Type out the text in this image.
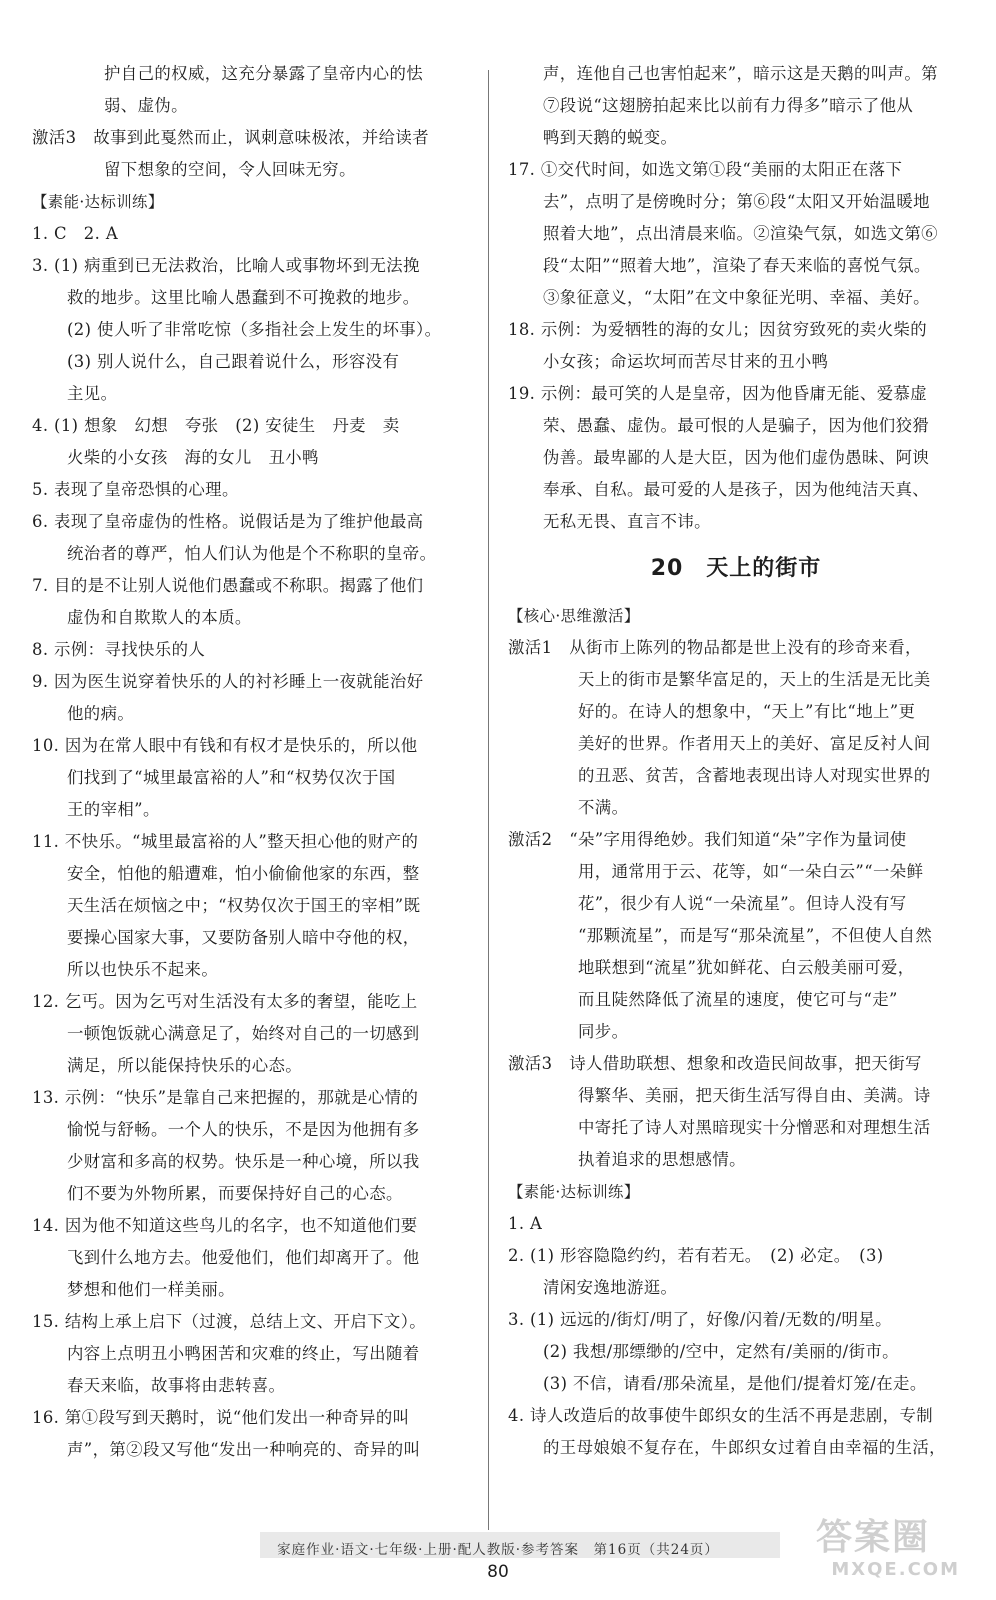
护自己的权威，这充分暴露了皇帝内心的怯
弱、虚伪。
激活3　故事到此戛然而止，讽刺意味极浓，并给读者
留下想象的空间，令人回味无穷。
【素能·达标训练】
1. C　2. A
3. (1) 病重到已无法救治，比喻人或事物坏到无法挽
救的地步。这里比喻人愚蠢到不可挽救的地步。
(2) 使人听了非常吃惊（多指社会上发生的坏事）。
(3) 别人说什么，自己跟着说什么，形容没有
主见。
4. (1) 想象　幻想　夸张　(2) 安徒生　丹麦　卖
火柴的小女孩　海的女儿　丑小鸭
5. 表现了皇帝恐惧的心理。
6. 表现了皇帝虚伪的性格。说假话是为了维护他最高
统治者的尊严，怕人们认为他是个不称职的皇帝。
7. 目的是不让别人说他们愚蠢或不称职。揭露了他们
虚伪和自欺欺人的本质。
8. 示例：寻找快乐的人
9. 因为医生说穿着快乐的人的衬衫睡上一夜就能治好
他的病。
10. 因为在常人眼中有钱和有权才是快乐的，所以他
们找到了“城里最富裕的人”和“权势仅次于国
王的宰相”。
11. 不快乐。“城里最富裕的人”整天担心他的财产的
安全，怕他的船遭难，怕小偷偷他家的东西，整
天生活在烦恼之中；“权势仅次于国王的宰相”既
要操心国家大事，又要防备别人暗中夺他的权，
所以也快乐不起来。
12. 乞丐。因为乞丐对生活没有太多的奢望，能吃上
一顿饱饭就心满意足了，始终对自己的一切感到
满足，所以能保持快乐的心态。
13. 示例：“快乐”是靠自己来把握的，那就是心情的
愉悦与舒畅。一个人的快乐，不是因为他拥有多
少财富和多高的权势。快乐是一种心境，所以我
们不要为外物所累，而要保持好自己的心态。
14. 因为他不知道这些鸟儿的名字，也不知道他们要
飞到什么地方去。他爱他们，他们却离开了。他
梦想和他们一样美丽。
15. 结构上承上启下（过渡，总结上文、开启下文）。
内容上点明丑小鸭困苦和灾难的终止，写出随着
春天来临，故事将由悲转喜。
16. 第①段写到天鹅时，说“他们发出一种奇异的叫
声”，第②段又写他“发出一种响亮的、奇异的叫
声，连他自己也害怕起来”，暗示这是天鹅的叫声。第
⑦段说“这翅膀拍起来比以前有力得多”暗示了他从
鸭到天鹅的蜕变。
17. ①交代时间，如选文第①段“美丽的太阳正在落下
去”，点明了是傍晚时分；第⑥段“太阳又开始温暖地
照着大地”，点出清晨来临。②渲染气氛，如选文第⑥
段“太阳”“照着大地”，渲染了春天来临的喜悦气氛。
③象征意义，“太阳”在文中象征光明、幸福、美好。
18. 示例：为爱牺牲的海的女儿；因贫穷致死的卖火柴的
小女孩；命运坎坷而苦尽甘来的丑小鸭
19. 示例：最可笑的人是皇帝，因为他昏庸无能、爱慕虚
荣、愚蠢、虚伪。最可恨的人是骗子，因为他们狡猾
伪善。最卑鄙的人是大臣，因为他们虚伪愚昧、阿谀
奉承、自私。最可爱的人是孩子，因为他纯洁天真、
无私无畏、直言不讳。
20　天上的街市
【核心·思维激活】
激活1　从街市上陈列的物品都是世上没有的珍奇来看，
天上的街市是繁华富足的，天上的生活是无比美
好的。在诗人的想象中，“天上”有比“地上”更
美好的世界。作者用天上的美好、富足反衬人间
的丑恶、贫苦，含蓄地表现出诗人对现实世界的
不满。
激活2　“朵”字用得绝妙。我们知道“朵”字作为量词使
用，通常用于云、花等，如“一朵白云”“一朵鲜
花”，很少有人说“一朵流星”。但诗人没有写
“那颗流星”，而是写“那朵流星”，不但使人自然
地联想到“流星”犹如鲜花、白云般美丽可爱，
而且陡然降低了流星的速度，使它可与“走”
同步。
激活3　诗人借助联想、想象和改造民间故事，把天街写
得繁华、美丽，把天街生活写得自由、美满。诗
中寄托了诗人对黑暗现实十分憎恶和对理想生活
执着追求的思想感情。
【素能·达标训练】
1. A
2. (1) 形容隐隐约约，若有若无。　(2) 必定。　(3)
清闲安逸地游逛。
3. (1) 远远的/街灯/明了，好像/闪着/无数的/明星。
(2) 我想/那缥缈的/空中，定然有/美丽的/街市。
(3) 不信，请看/那朵流星，是他们/提着灯笼/在走。
4. 诗人改造后的故事使牛郎织女的生活不再是悲剧，专制
的王母娘娘不复存在，牛郎织女过着自由幸福的生活，
家庭作业·语文·七年级·上册·配人教版·参考答案　第16页（共24页）
80
答案圈
MXQE.COM
